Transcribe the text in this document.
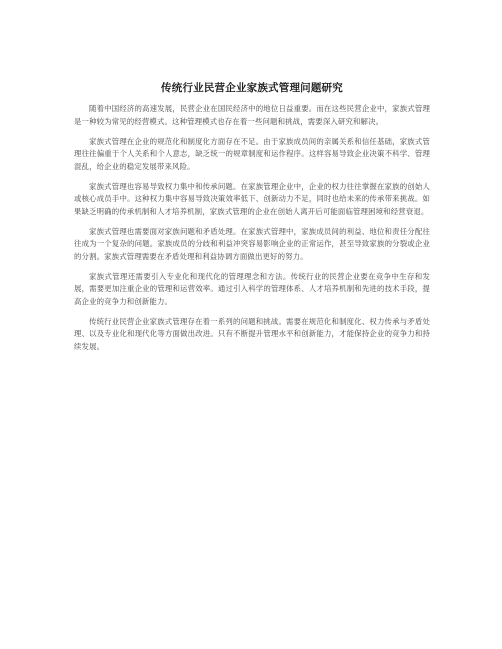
传统行业民营企业家族式管理问题研究

随着中国经济的高速发展，民营企业在国民经济中的地位日益重要。而在这些民营企业中，家族式管理是一种较为常见的经营模式。这种管理模式也存在着一些问题和挑战，需要深入研究和解决。

家族式管理在企业的规范化和制度化方面存在不足。由于家族成员间的亲属关系和信任基础，家族式管理往往偏重于个人关系和个人意志，缺乏统一的规章制度和运作程序。这样容易导致企业决策不科学、管理混乱，给企业的稳定发展带来风险。

家族式管理也容易导致权力集中和传承问题。在家族管理企业中，企业的权力往往掌握在家族的创始人或核心成员手中。这种权力集中容易导致决策效率低下、创新动力不足，同时也给未来的传承带来挑战。如果缺乏明确的传承机制和人才培养机制，家族式管理的企业在创始人离开后可能面临管理困境和经营衰退。

家族式管理也需要面对家族问题和矛盾处理。在家族式管理中，家族成员间的利益、地位和责任分配往往成为一个复杂的问题。家族成员的分歧和利益冲突容易影响企业的正常运作，甚至导致家族的分裂或企业的分割。家族式管理需要在矛盾处理和利益协调方面做出更好的努力。

家族式管理还需要引入专业化和现代化的管理理念和方法。传统行业的民营企业要在竞争中生存和发展，需要更加注重企业的管理和运营效率。通过引入科学的管理体系、人才培养机制和先进的技术手段，提高企业的竞争力和创新能力。

传统行业民营企业家族式管理存在着一系列的问题和挑战。需要在规范化和制度化、权力传承与矛盾处理、以及专业化和现代化等方面做出改进。只有不断提升管理水平和创新能力，才能保持企业的竞争力和持续发展。
